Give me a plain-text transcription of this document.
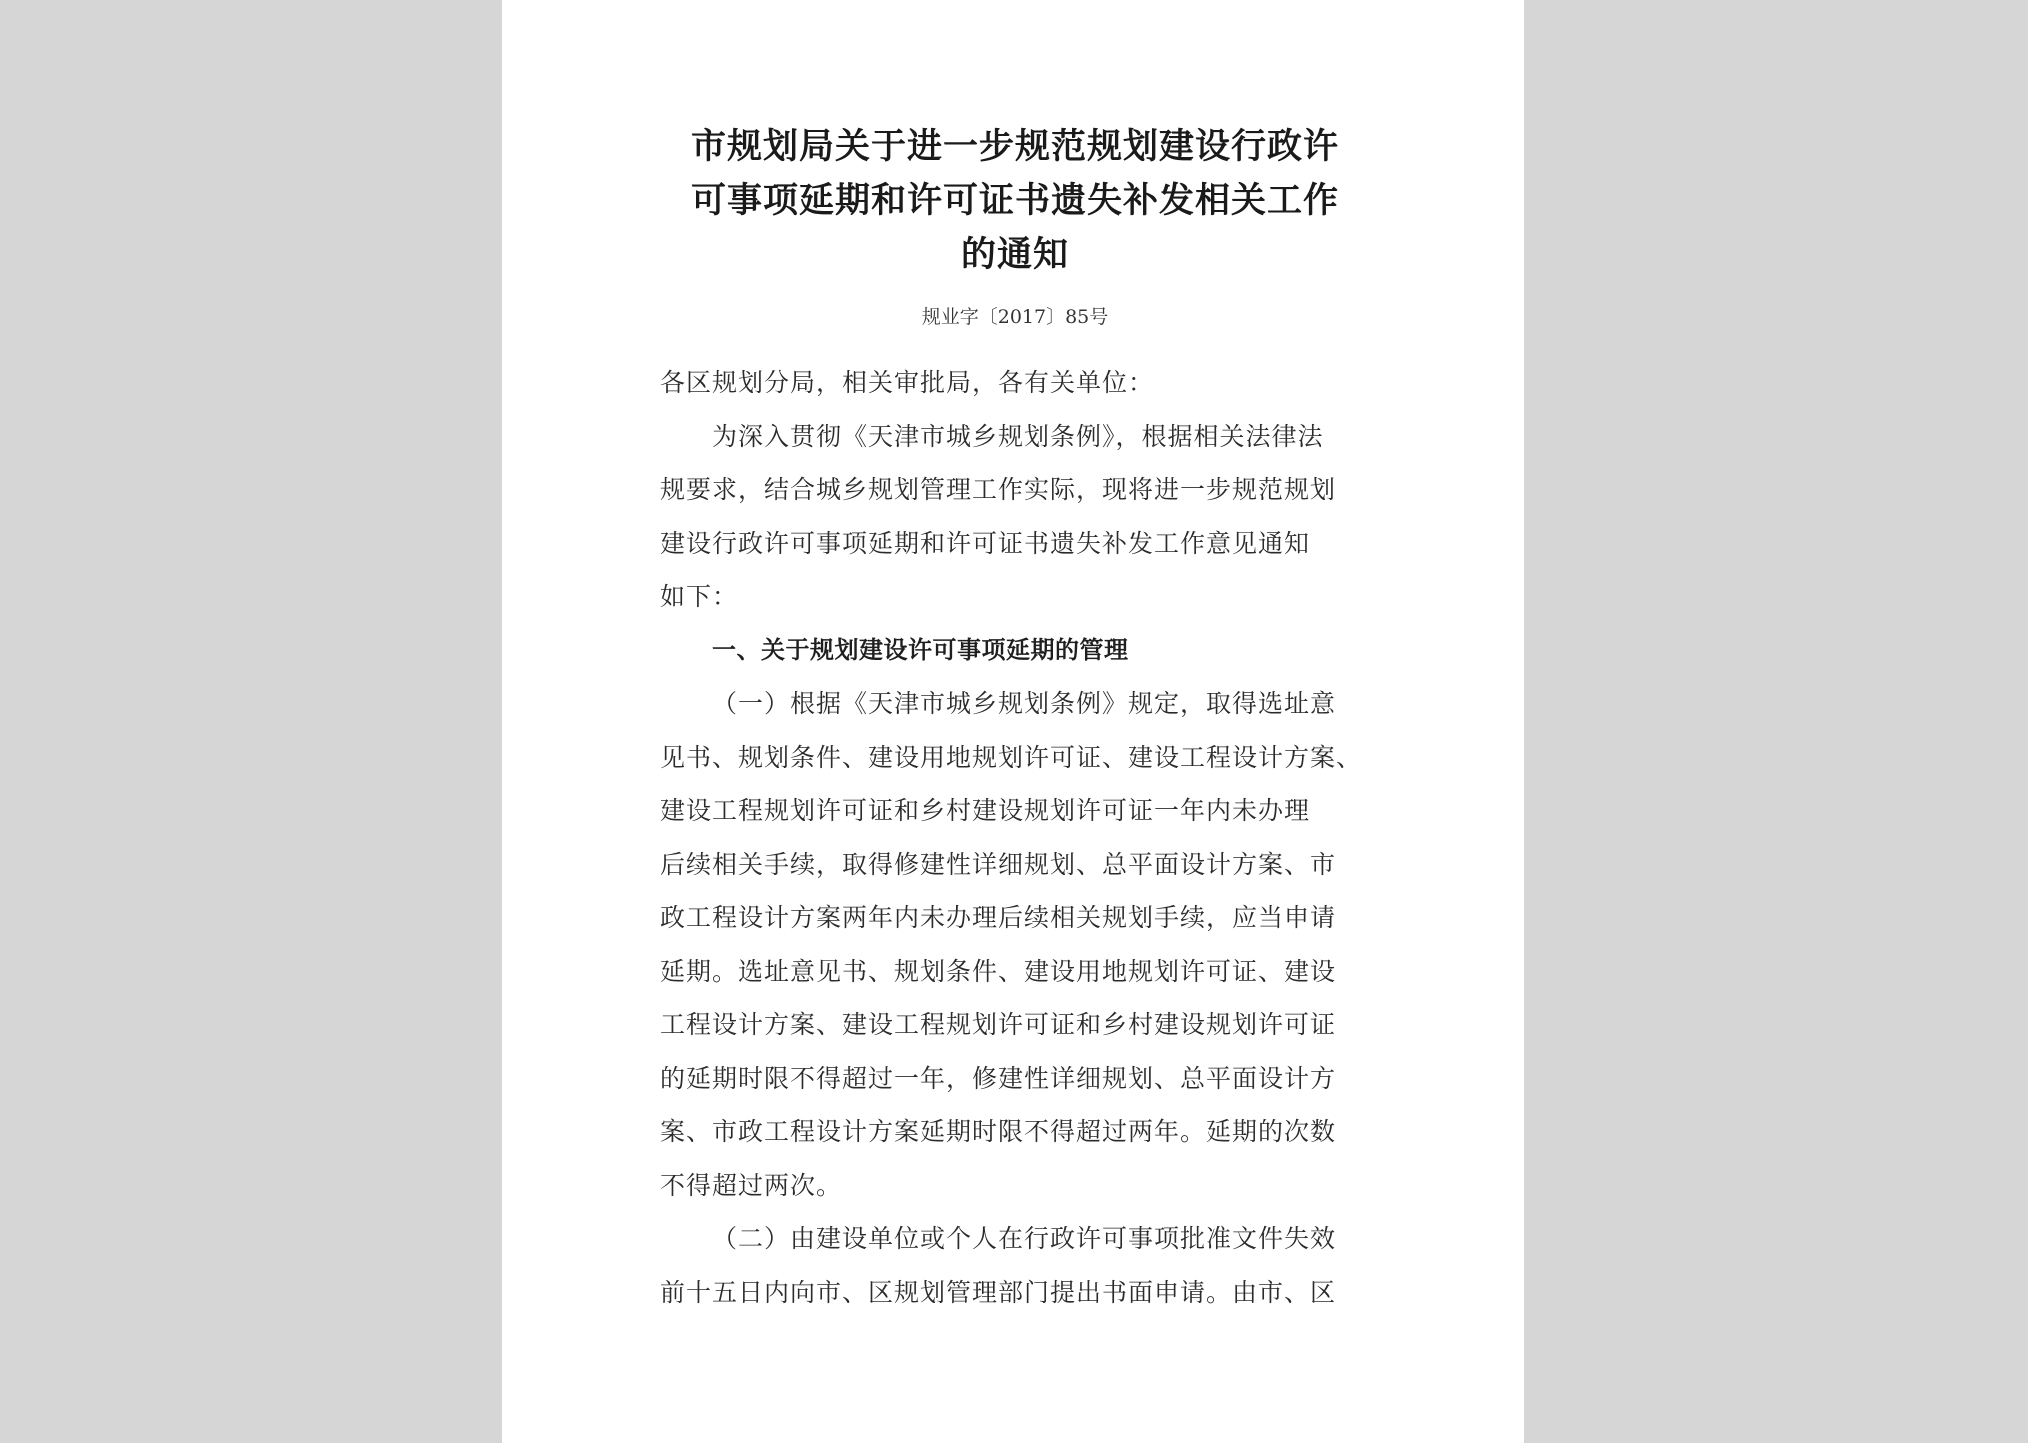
市规划局关于进一步规范规划建设行政许
可事项延期和许可证书遗失补发相关工作
的通知
规业字〔2017〕85号

各区规划分局，相关审批局，各有关单位：

为深入贯彻《天津市城乡规划条例》，根据相关法律法
规要求，结合城乡规划管理工作实际，现将进一步规范规划
建设行政许可事项延期和许可证书遗失补发工作意见通知
如下：

一、关于规划建设许可事项延期的管理

（一）根据《天津市城乡规划条例》规定，取得选址意
见书、规划条件、建设用地规划许可证、建设工程设计方案、
建设工程规划许可证和乡村建设规划许可证一年内未办理
后续相关手续，取得修建性详细规划、总平面设计方案、市
政工程设计方案两年内未办理后续相关规划手续，应当申请
延期。选址意见书、规划条件、建设用地规划许可证、建设
工程设计方案、建设工程规划许可证和乡村建设规划许可证
的延期时限不得超过一年，修建性详细规划、总平面设计方
案、市政工程设计方案延期时限不得超过两年。延期的次数
不得超过两次。

（二）由建设单位或个人在行政许可事项批准文件失效
前十五日内向市、区规划管理部门提出书面申请。由市、区
